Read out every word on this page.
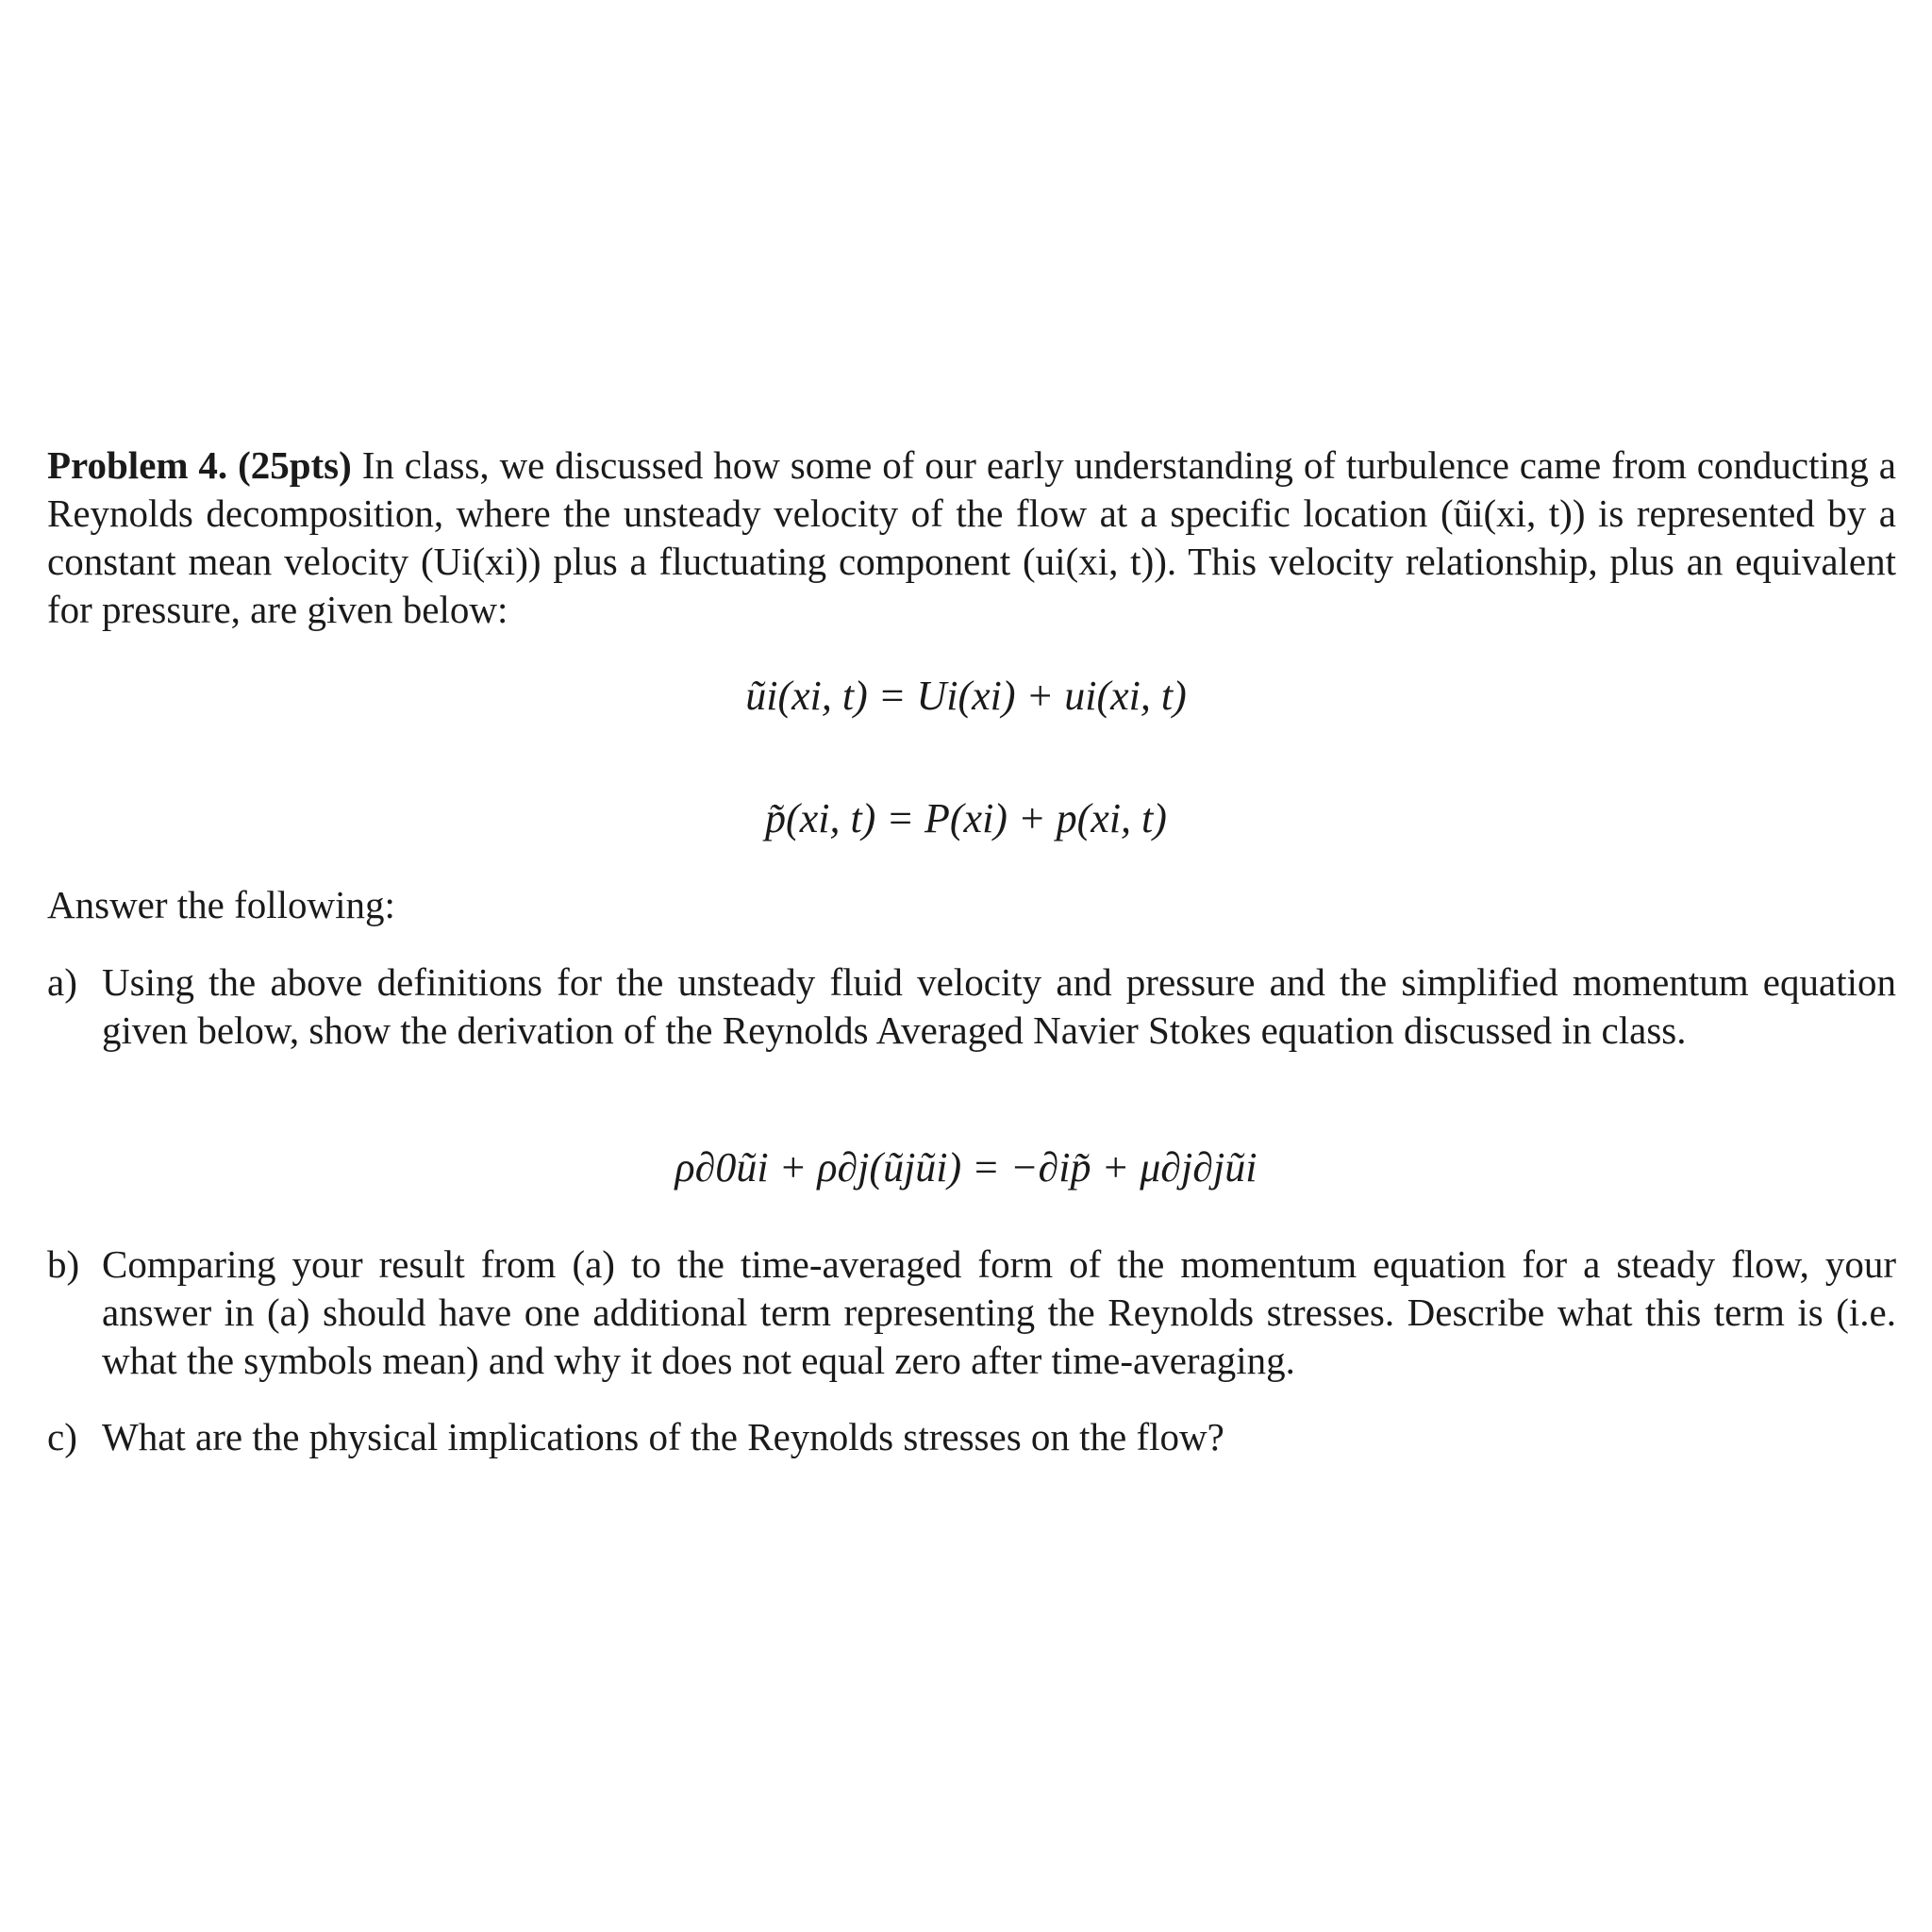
Problem 4. (25pts) In class, we discussed how some of our early understanding of turbulence came from conducting a Reynolds decomposition, where the unsteady velocity of the flow at a specific location (ũi(xi, t)) is represented by a constant mean velocity (Ui(xi)) plus a fluctuating component (ui(xi, t)). This velocity relationship, plus an equivalent for pressure, are given below:
ũi(xi, t) = Ui(xi) + ui(xi, t)
p̃(xi, t) = P(xi) + p(xi, t)
Answer the following:
a) Using the above definitions for the unsteady fluid velocity and pressure and the simplified momentum equation given below, show the derivation of the Reynolds Averaged Navier Stokes equation discussed in class.
ρ∂0ũi + ρ∂j(ũjũi) = −∂ip̃ + μ∂j∂jũi
b) Comparing your result from (a) to the time-averaged form of the momentum equation for a steady flow, your answer in (a) should have one additional term representing the Reynolds stresses. Describe what this term is (i.e. what the symbols mean) and why it does not equal zero after time-averaging.
c) What are the physical implications of the Reynolds stresses on the flow?
